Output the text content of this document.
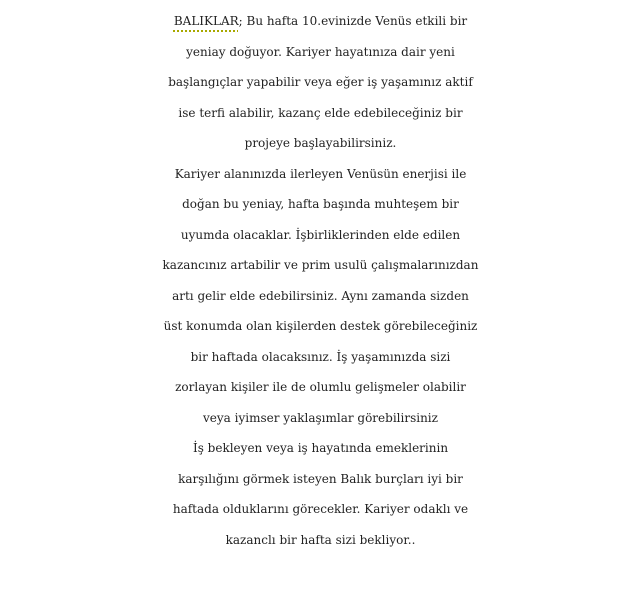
BALIKLAR; Bu hafta 10.evinizde Venüs etkili bir
yeniay doğuyor. Kariyer hayatınıza dair yeni
başlangıçlar yapabilir veya eğer iş yaşamınız aktif
ise terfi alabilir, kazanç elde edebileceğiniz bir
projeye başlayabilirsiniz.
Kariyer alanınızda ilerleyen Venüsün enerjisi ile
doğan bu yeniay, hafta başında muhteşem bir
uyumda olacaklar. İşbirliklerinden elde edilen
kazancınız artabilir ve prim usulü çalışmalarınızdan
artı gelir elde edebilirsiniz. Aynı zamanda sizden
üst konumda olan kişilerden destek görebileceğiniz
bir haftada olacaksınız. İş yaşamınızda sizi
zorlayan kişiler ile de olumlu gelişmeler olabilir
veya iyimser yaklaşımlar görebilirsiniz
İş bekleyen veya iş hayatında emeklerinin
karşılığını görmek isteyen Balık burçları iyi bir
haftada olduklarını görecekler. Kariyer odaklı ve
kazanclı bir hafta sizi bekliyor..
